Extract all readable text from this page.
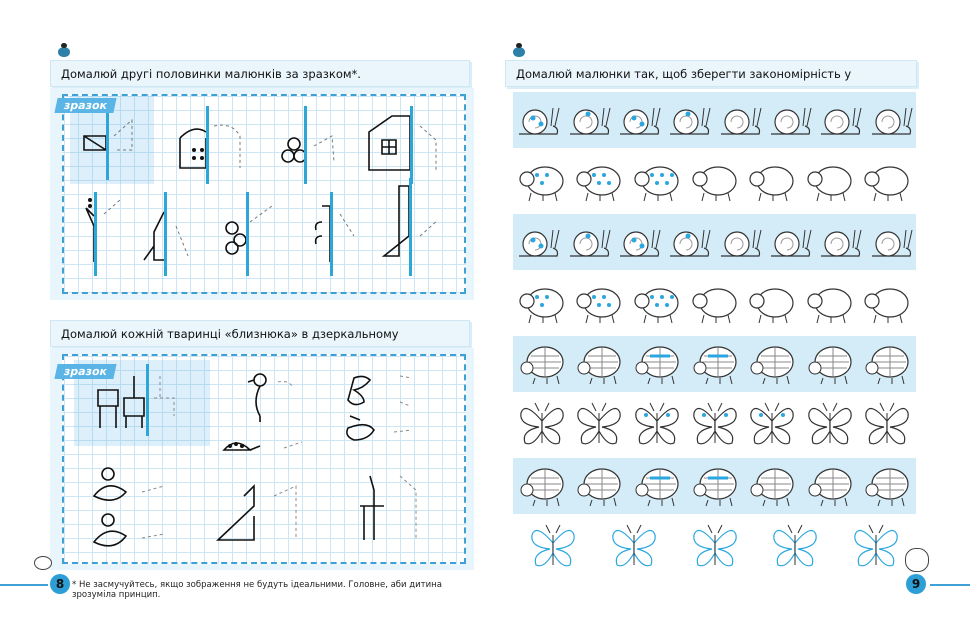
Домалюй другі половинки малюнків за зразком*.
зразок
Домалюй кожній тваринці «близнюка» в дзеркальному
зразок
8 * Не засмучуйтесь, якщо зображення не будуть ідеальними. Головне, аби дитина зрозуміла принцип.
Домалюй малюнки так, щоб зберегти закономірність у
9
